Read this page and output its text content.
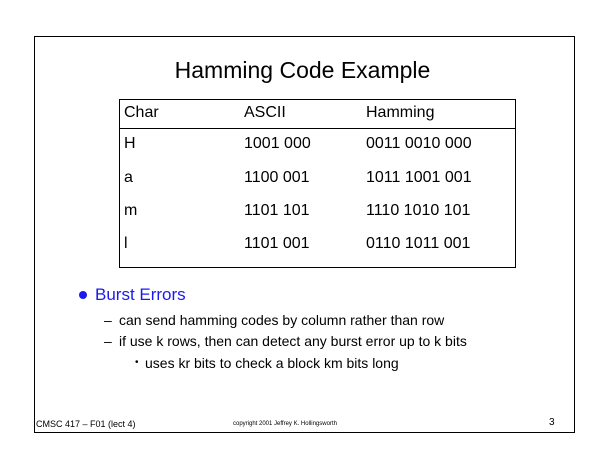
Hamming Code Example
Char	ASCII	Hamming
H	1001 000	0011 0010 000
a	1100 001	1011 1001 001
m	1101 101	1110 1010 101
l	1101 001	0110 1011 001
Burst Errors
– can send hamming codes by column rather than row
– if use k rows, then can detect any burst error up to k bits
• uses kr bits to check a block km bits long
CMSC 417 – F01 (lect 4)	copyright 2001 Jeffrey K. Hollingsworth	3
